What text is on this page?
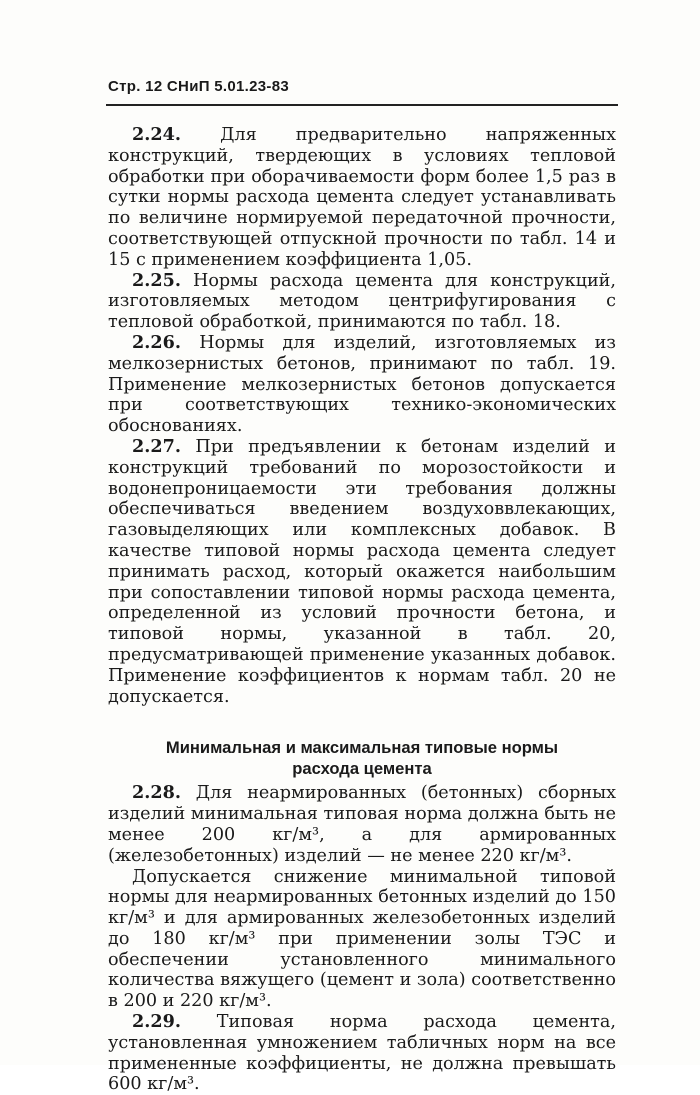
Стр. 12 СНиП 5.01.23-83

2.24. Для предварительно напряженных конструкций, твердеющих в условиях тепловой обработки при оборачиваемости форм более 1,5 раз в сутки нормы расхода цемента следует устанавливать по величине нормируемой передаточной прочности, соответствующей отпускной прочности по табл. 14 и 15 с применением коэффициента 1,05.

2.25. Нормы расхода цемента для конструкций, изготовляемых методом центрифугирования с тепловой обработкой, принимаются по табл. 18.

2.26. Нормы для изделий, изготовляемых из мелкозернистых бетонов, принимают по табл. 19. Применение мелкозернистых бетонов допускается при соответствующих технико-экономических обоснованиях.

2.27. При предъявлении к бетонам изделий и конструкций требований по морозостойкости и водонепроницаемости эти требования должны обеспечиваться введением воздуховвлекающих, газовыделяющих или комплексных добавок. В качестве типовой нормы расхода цемента следует принимать расход, который окажется наибольшим при сопоставлении типовой нормы расхода цемента, определенной из условий прочности бетона, и типовой нормы, указанной в табл. 20, предусматривающей применение указанных добавок. Применение коэффициентов к нормам табл. 20 не допускается.

Минимальная и максимальная типовые нормы
расхода цемента

2.28. Для неармированных (бетонных) сборных изделий минимальная типовая норма должна быть не менее 200 кг/м³, а для армированных (железобетонных) изделий — не менее 220 кг/м³.

Допускается снижение минимальной типовой нормы для неармированных бетонных изделий до 150 кг/м³ и для армированных железобетонных изделий до 180 кг/м³ при применении золы ТЭС и обеспечении установленного минимального количества вяжущего (цемент и зола) соответственно в 200 и 220 кг/м³.

2.29. Типовая норма расхода цемента, установленная умножением табличных норм на все примененные коэффициенты, не должна превышать 600 кг/м³.
